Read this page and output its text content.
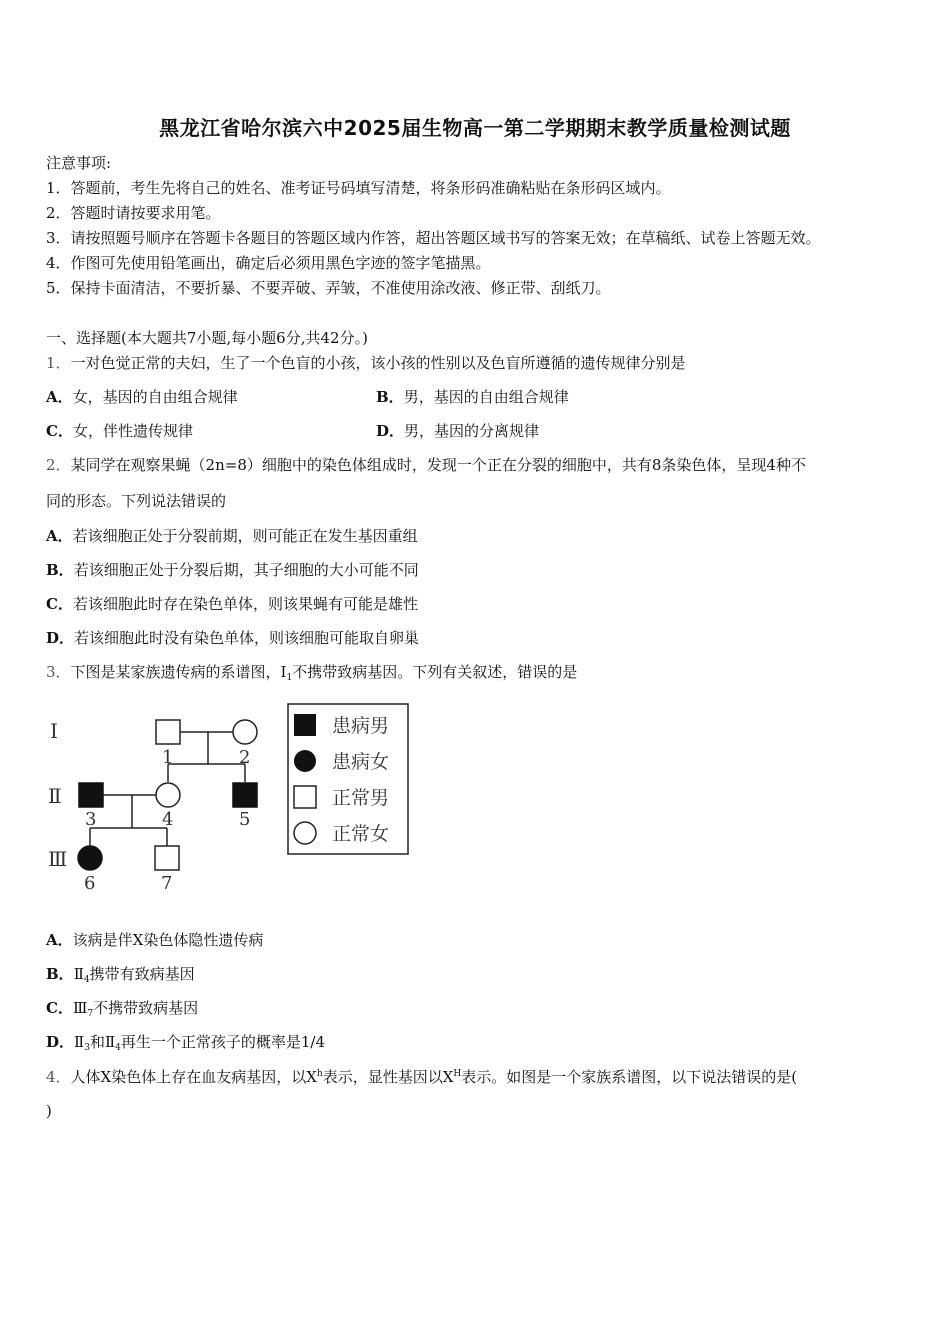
黑龙江省哈尔滨六中2025届生物高一第二学期期末教学质量检测试题
注意事项:
1．答题前，考生先将自己的姓名、准考证号码填写清楚，将条形码准确粘贴在条形码区域内。
2．答题时请按要求用笔。
3．请按照题号顺序在答题卡各题目的答题区域内作答，超出答题区域书写的答案无效；在草稿纸、试卷上答题无效。
4．作图可先使用铅笔画出，确定后必须用黑色字迹的签字笔描黑。
5．保持卡面清洁，不要折暴、不要弄破、弄皱，不准使用涂改液、修正带、刮纸刀。
一、选择题(本大题共7小题,每小题6分,共42分。)
1．一对色觉正常的夫妇，生了一个色盲的小孩，该小孩的性别以及色盲所遵循的遗传规律分别是
A．女，基因的自由组合规律	B．男，基因的自由组合规律
C．女，伴性遗传规律	D．男，基因的分离规律
2．某同学在观察果蝇（2n=8）细胞中的染色体组成时，发现一个正在分裂的细胞中，共有8条染色体，呈现4种不
同的形态。下列说法错误的
A．若该细胞正处于分裂前期，则可能正在发生基因重组
B．若该细胞正处于分裂后期，其子细胞的大小可能不同
C．若该细胞此时存在染色单体，则该果蝇有可能是雄性
D．若该细胞此时没有染色单体，则该细胞可能取自卵巢
3．下图是某家族遗传病的系谱图，$Ⅰ_1$不携带致病基因。下列有关叙述，错误的是
Ⅰ
Ⅱ
Ⅲ
1	2
3	4	5
6	7
患病男
患病女
正常男
正常女
A．该病是伴X染色体隐性遗传病
B．$Ⅱ_4$携带有致病基因
C．$Ⅲ_7$不携带致病基因
D．$Ⅱ_3$和$Ⅱ_4$再生一个正常孩子的概率是1/4
4．人体X染色体上存在血友病基因，以$X^h$表示，显性基因以$X^H$表示。如图是一个家族系谱图，以下说法错误的是(
)
